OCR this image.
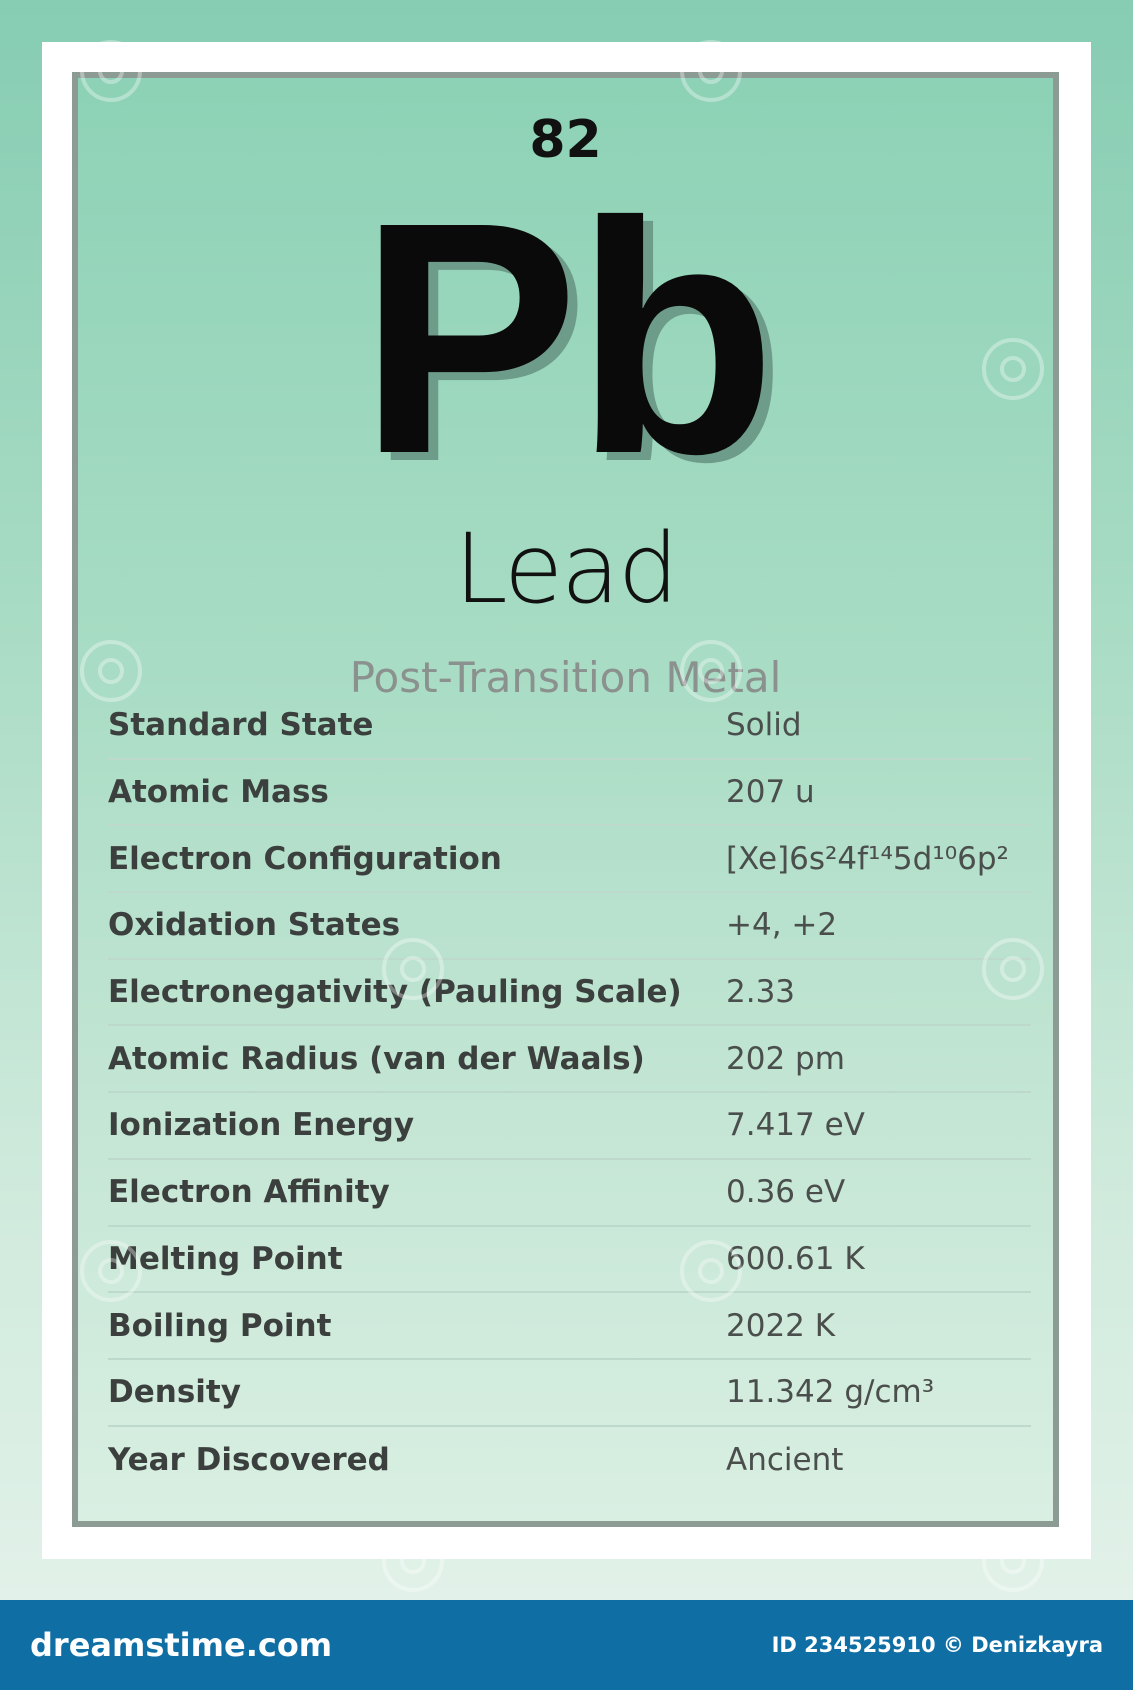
82
Pb
Lead
Post-Transition Metal
Standard State	Solid
Atomic Mass	207 u
Electron Configuration	[Xe]6s²4f¹⁴5d¹⁰6p²
Oxidation States	+4, +2
Electronegativity (Pauling Scale)	2.33
Atomic Radius (van der Waals)	202 pm
Ionization Energy	7.417 eV
Electron Affinity	0.36 eV
Melting Point	600.61 K
Boiling Point	2022 K
Density	11.342 g/cm³
Year Discovered	Ancient
dreamstime.com	ID 234525910 © Denizkayra
